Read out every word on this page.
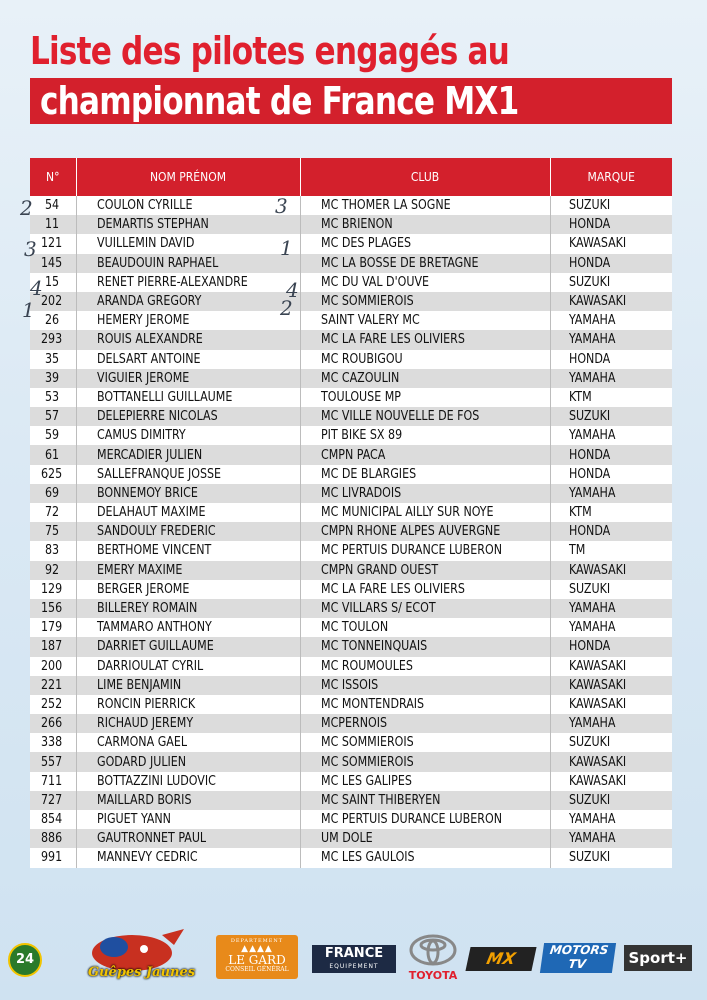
Liste des pilotes engagés au
championnat de France MX1
N°	NOM PRÉNOM	CLUB	MARQUE
54	COULON CYRILLE	MC THOMER LA SOGNE	SUZUKI
11	DEMARTIS STEPHAN	MC BRIENON	HONDA
121	VUILLEMIN DAVID	MC DES PLAGES	KAWASAKI
145	BEAUDOUIN RAPHAEL	MC LA BOSSE DE BRETAGNE	HONDA
15	RENET PIERRE-ALEXANDRE	MC DU VAL D'OUVE	SUZUKI
202	ARANDA GREGORY	MC SOMMIEROIS	KAWASAKI
26	HEMERY JEROME	SAINT VALERY MC	YAMAHA
293	ROUIS ALEXANDRE	MC LA FARE LES OLIVIERS	YAMAHA
35	DELSART ANTOINE	MC ROUBIGOU	HONDA
39	VIGUIER JEROME	MC CAZOULIN	YAMAHA
53	BOTTANELLI GUILLAUME	TOULOUSE MP	KTM
57	DELEPIERRE NICOLAS	MC VILLE NOUVELLE DE FOS	SUZUKI
59	CAMUS DIMITRY	PIT BIKE SX 89	YAMAHA
61	MERCADIER JULIEN	CMPN PACA	HONDA
625	SALLEFRANQUE JOSSE	MC DE BLARGIES	HONDA
69	BONNEMOY BRICE	MC LIVRADOIS	YAMAHA
72	DELAHAUT MAXIME	MC MUNICIPAL AILLY SUR NOYE	KTM
75	SANDOULY FREDERIC	CMPN RHONE ALPES AUVERGNE	HONDA
83	BERTHOME VINCENT	MC PERTUIS DURANCE LUBERON	TM
92	EMERY MAXIME	CMPN GRAND OUEST	KAWASAKI
129	BERGER JEROME	MC LA FARE LES OLIVIERS	SUZUKI
156	BILLEREY ROMAIN	MC VILLARS S/ ECOT	YAMAHA
179	TAMMARO ANTHONY	MC TOULON	YAMAHA
187	DARRIET GUILLAUME	MC TONNEINQUAIS	HONDA
200	DARRIOULAT CYRIL	MC ROUMOULES	KAWASAKI
221	LIME BENJAMIN	MC ISSOIS	KAWASAKI
252	RONCIN PIERRICK	MC MONTENDRAIS	KAWASAKI
266	RICHAUD JEREMY	MCPERNOIS	YAMAHA
338	CARMONA GAEL	MC SOMMIEROIS	SUZUKI
557	GODARD JULIEN	MC SOMMIEROIS	KAWASAKI
711	BOTTAZZINI LUDOVIC	MC LES GALIPES	KAWASAKI
727	MAILLARD BORIS	MC SAINT THIBERYEN	SUZUKI
854	PIGUET YANN	MC PERTUIS DURANCE LUBERON	YAMAHA
886	GAUTRONNET PAUL	UM DOLE	YAMAHA
991	MANNEVY CEDRIC	MC LES GAULOIS	SUZUKI
2	3
3	1
4	4
2
1
24
Guêpes Jaunes
DEPARTEMENT
▲▲▲▲
LE GARD
CONSEIL GÉNÉRAL
FRANCE
EQUIPEMENT
TOYOTA
MX	MOTORS TV	Sport+
